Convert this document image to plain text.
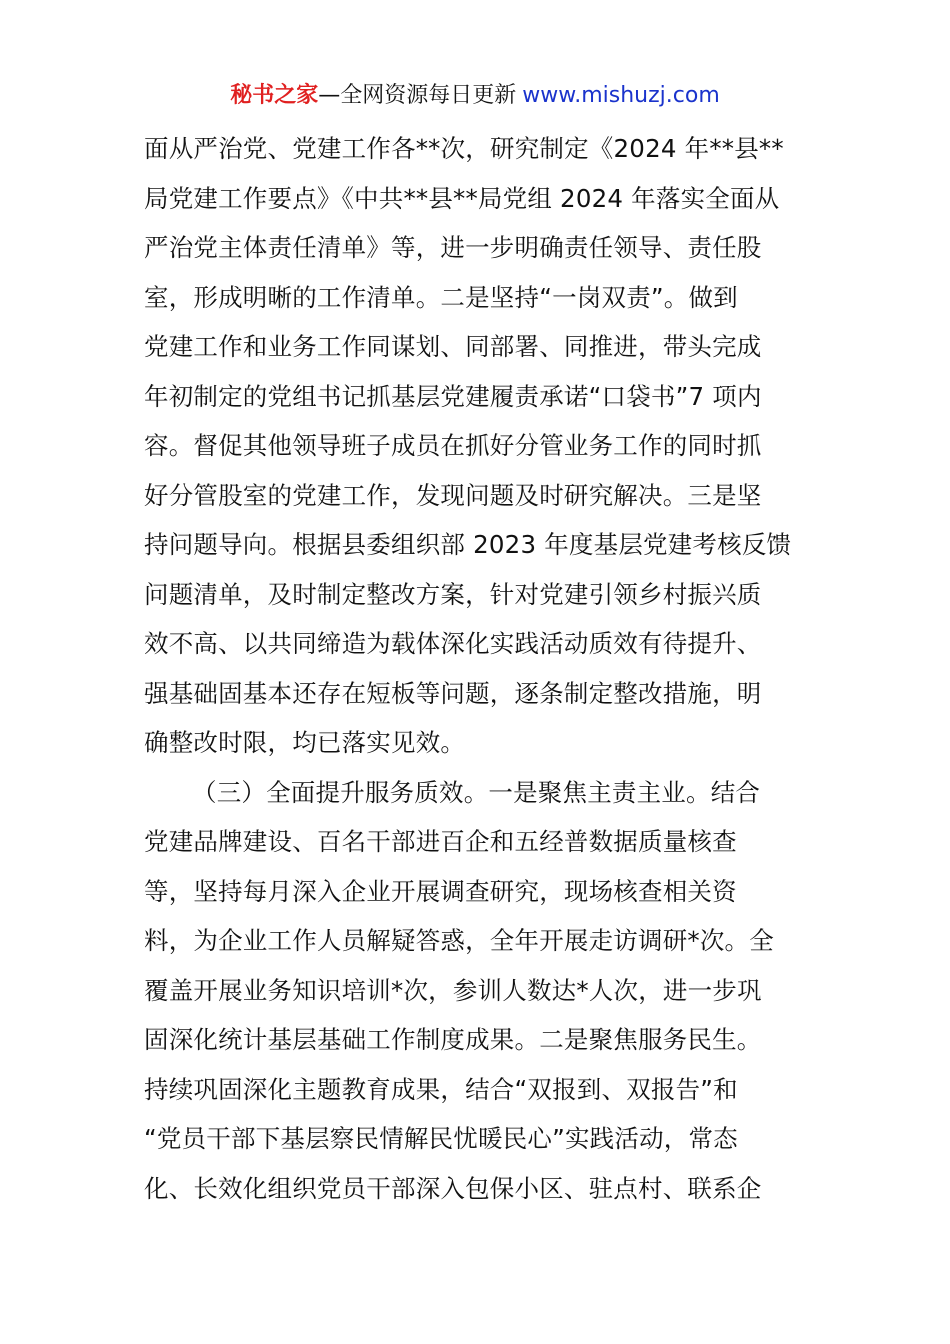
秘书之家—全网资源每日更新 www.mishuzj.com
面从严治党、党建工作各**次，研究制定《2024 年**县**
局党建工作要点》《中共**县**局党组 2024 年落实全面从
严治党主体责任清单》等，进一步明确责任领导、责任股
室，形成明晰的工作清单。二是坚持“一岗双责”。做到
党建工作和业务工作同谋划、同部署、同推进，带头完成
年初制定的党组书记抓基层党建履责承诺“口袋书”7 项内
容。督促其他领导班子成员在抓好分管业务工作的同时抓
好分管股室的党建工作，发现问题及时研究解决。三是坚
持问题导向。根据县委组织部 2023 年度基层党建考核反馈
问题清单，及时制定整改方案，针对党建引领乡村振兴质
效不高、以共同缔造为载体深化实践活动质效有待提升、
强基础固基本还存在短板等问题，逐条制定整改措施，明
确整改时限，均已落实见效。
（三）全面提升服务质效。一是聚焦主责主业。结合
党建品牌建设、百名干部进百企和五经普数据质量核查
等，坚持每月深入企业开展调查研究，现场核查相关资
料，为企业工作人员解疑答惑，全年开展走访调研*次。全
覆盖开展业务知识培训*次，参训人数达*人次，进一步巩
固深化统计基层基础工作制度成果。二是聚焦服务民生。
持续巩固深化主题教育成果，结合“双报到、双报告”和
“党员干部下基层察民情解民忧暖民心”实践活动，常态
化、长效化组织党员干部深入包保小区、驻点村、联系企
